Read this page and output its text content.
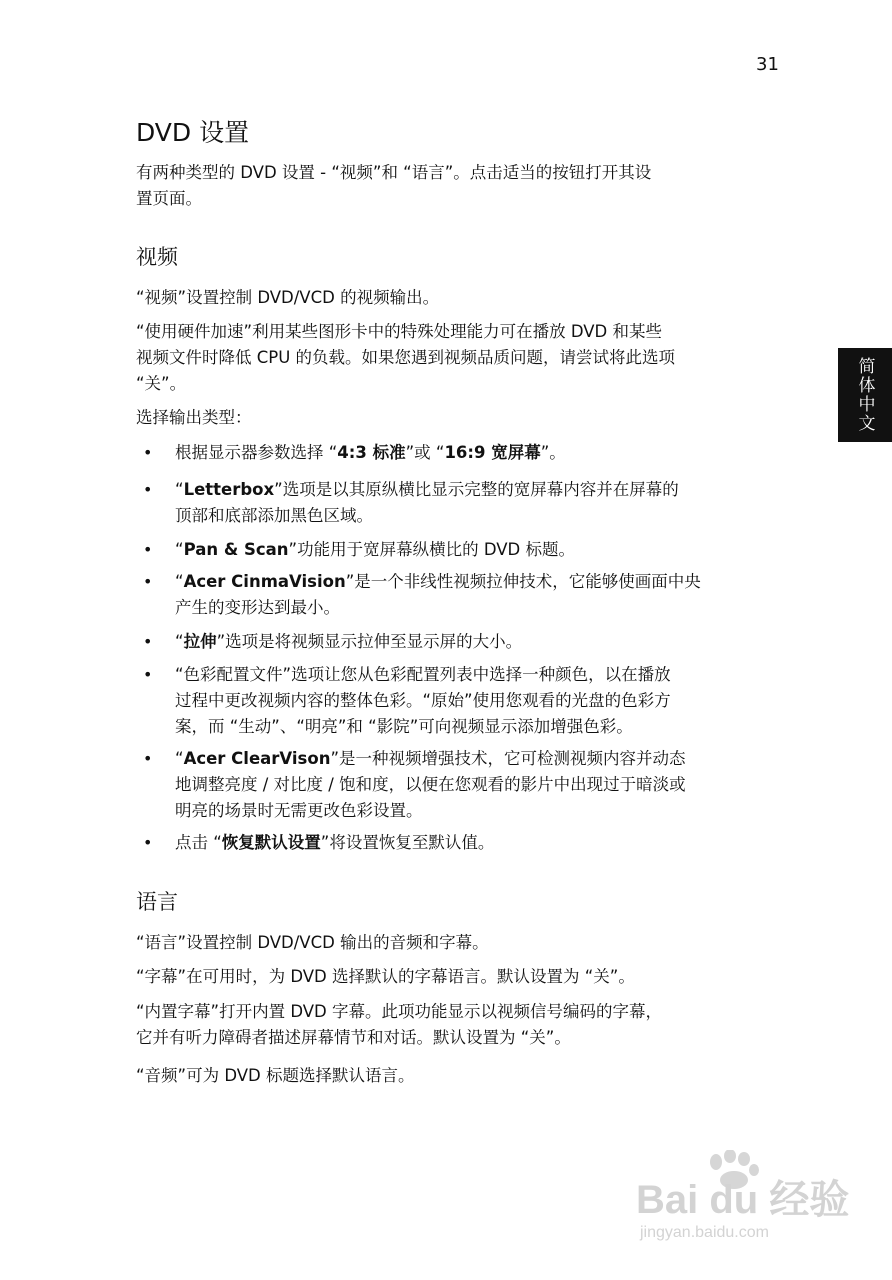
31
简体中文
DVD 设置

有两种类型的 DVD 设置 - “视频”和 “语言”。点击适当的按钮打开其设
置页面。

视频

“视频”设置控制 DVD/VCD 的视频输出。

“使用硬件加速”利用某些图形卡中的特殊处理能力可在播放 DVD 和某些
视频文件时降低 CPU 的负载。如果您遇到视频品质问题，请尝试将此选项
“关”。

选择输出类型：

• 根据显示器参数选择 “4:3 标准”或 “16:9 宽屏幕”。

• “Letterbox”选项是以其原纵横比显示完整的宽屏幕内容并在屏幕的
顶部和底部添加黑色区域。

• “Pan & Scan”功能用于宽屏幕纵横比的 DVD 标题。

• “Acer CinmaVision”是一个非线性视频拉伸技术，它能够使画面中央
产生的变形达到最小。

• “拉伸”选项是将视频显示拉伸至显示屏的大小。

• “色彩配置文件”选项让您从色彩配置列表中选择一种颜色，以在播放
过程中更改视频内容的整体色彩。“原始”使用您观看的光盘的色彩方
案，而 “生动”、“明亮”和 “影院”可向视频显示添加增强色彩。

• “Acer ClearVison”是一种视频增强技术，它可检测视频内容并动态
地调整亮度 / 对比度 / 饱和度，以便在您观看的影片中出现过于暗淡或
明亮的场景时无需更改色彩设置。

• 点击 “恢复默认设置”将设置恢复至默认值。

语言

“语言”设置控制 DVD/VCD 输出的音频和字幕。

“字幕”在可用时，为 DVD 选择默认的字幕语言。默认设置为 “关”。

“内置字幕”打开内置 DVD 字幕。此项功能显示以视频信号编码的字幕，
它并有听力障碍者描述屏幕情节和对话。默认设置为 “关”。

“音频”可为 DVD 标题选择默认语言。

Bai du 经验
jingyan.baidu.com
